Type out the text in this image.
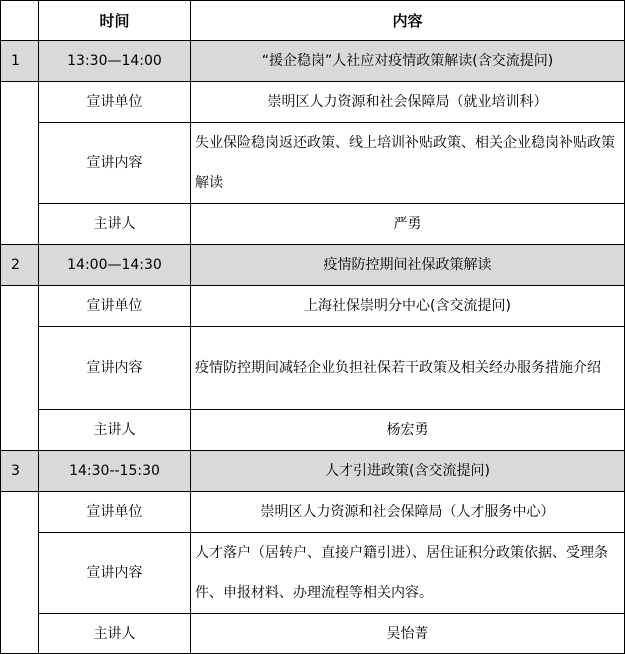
	时间	内容
1	13:30—14:00	“援企稳岗”人社应对疫情政策解读(含交流提问)
	宣讲单位	崇明区人力资源和社会保障局（就业培训科）
	宣讲内容	失业保险稳岗返还政策、线上培训补贴政策、相关企业稳岗补贴政策解读
	主讲人	严勇
2	14:00—14:30	疫情防控期间社保政策解读
	宣讲单位	上海社保崇明分中心(含交流提问)
	宣讲内容	疫情防控期间减轻企业负担社保若干政策及相关经办服务措施介绍
	主讲人	杨宏勇
3	14:30--15:30	人才引进政策(含交流提问)
	宣讲单位	崇明区人力资源和社会保障局（人才服务中心）
	宣讲内容	人才落户（居转户、直接户籍引进）、居住证积分政策依据、受理条件、申报材料、办理流程等相关内容。
	主讲人	吴怡菁
